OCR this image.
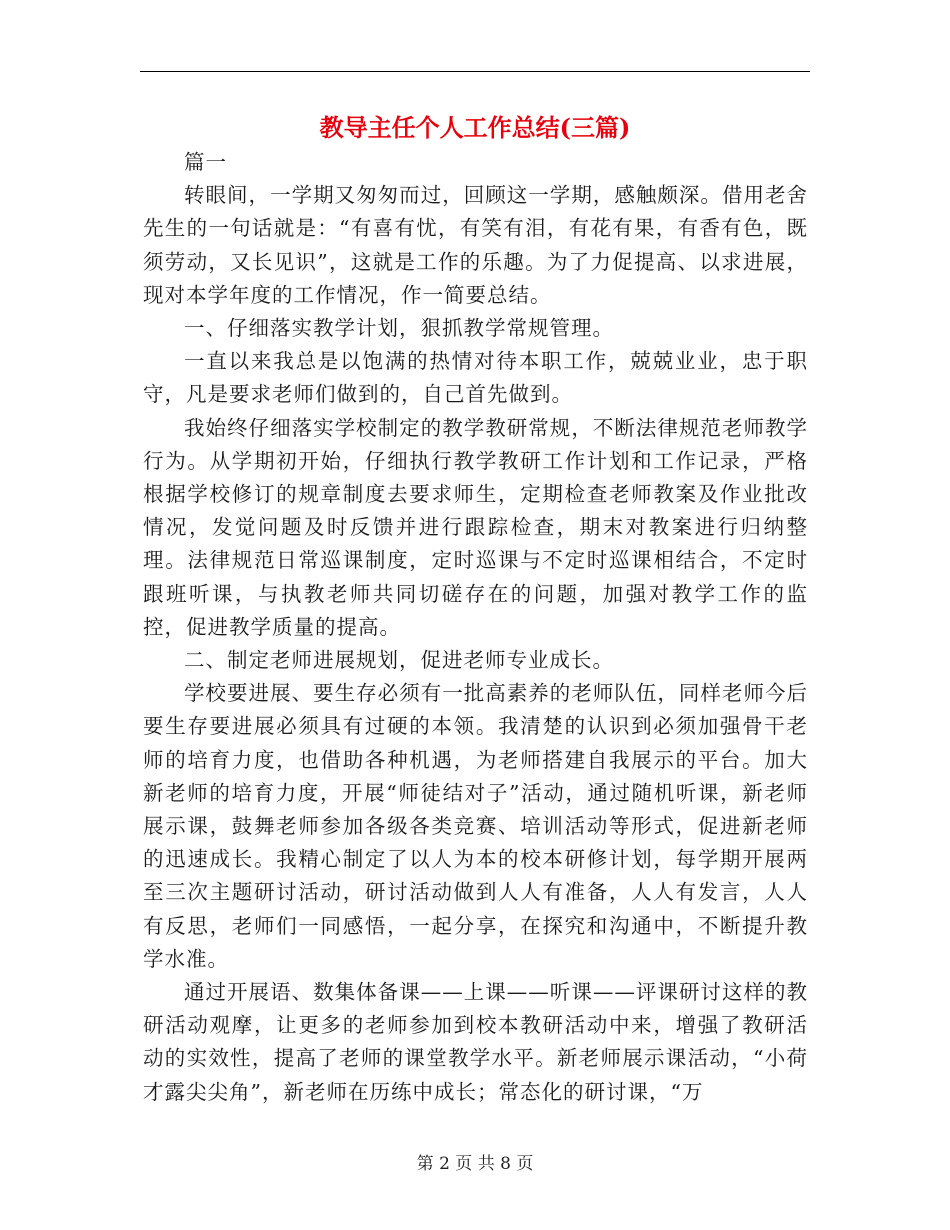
教导主任个人工作总结(三篇)

篇一

转眼间，一学期又匆匆而过，回顾这一学期，感触颇深。借用老舍先生的一句话就是：“有喜有忧，有笑有泪，有花有果，有香有色，既须劳动，又长见识”，这就是工作的乐趣。为了力促提高、以求进展，现对本学年度的工作情况，作一简要总结。

一、仔细落实教学计划，狠抓教学常规管理。

一直以来我总是以饱满的热情对待本职工作，兢兢业业，忠于职守，凡是要求老师们做到的，自己首先做到。

我始终仔细落实学校制定的教学教研常规，不断法律规范老师教学行为。从学期初开始，仔细执行教学教研工作计划和工作记录，严格根据学校修订的规章制度去要求师生，定期检查老师教案及作业批改情况，发觉问题及时反馈并进行跟踪检查，期末对教案进行归纳整理。法律规范日常巡课制度，定时巡课与不定时巡课相结合，不定时跟班听课，与执教老师共同切磋存在的问题，加强对教学工作的监控，促进教学质量的提高。

二、制定老师进展规划，促进老师专业成长。

学校要进展、要生存必须有一批高素养的老师队伍，同样老师今后要生存要进展必须具有过硬的本领。我清楚的认识到必须加强骨干老师的培育力度，也借助各种机遇，为老师搭建自我展示的平台。加大新老师的培育力度，开展“师徒结对子”活动，通过随机听课，新老师展示课，鼓舞老师参加各级各类竞赛、培训活动等形式，促进新老师的迅速成长。我精心制定了以人为本的校本研修计划，每学期开展两至三次主题研讨活动，研讨活动做到人人有准备，人人有发言，人人有反思，老师们一同感悟，一起分享，在探究和沟通中，不断提升教学水准。

通过开展语、数集体备课——上课——听课——评课研讨这样的教研活动观摩，让更多的老师参加到校本教研活动中来，增强了教研活动的实效性，提高了老师的课堂教学水平。新老师展示课活动，“小荷才露尖尖角”，新老师在历练中成长；常态化的研讨课，“万

第 2 页 共 8 页
